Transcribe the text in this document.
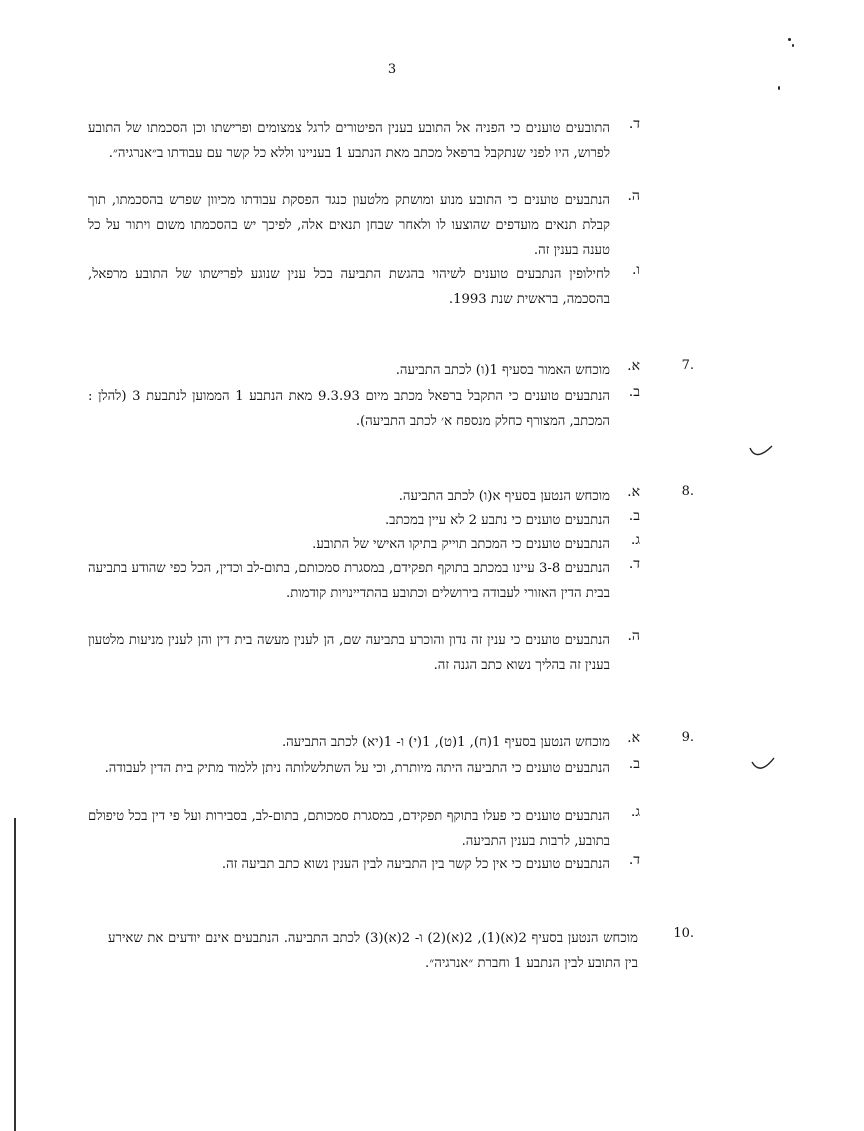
3
ד.
התובעים טוענים כי הפניה אל התובע בענין הפיטורים לרגל צמצומים ופרישתו וכן הסכמתו של התובע לפרוש, היו לפני שנתקבל ברפאל מכתב מאת הנתבע 1 בעניינו וללא כל קשר עם עבודתו ב״אנרגיה״.
ה.
הנתבעים טוענים כי התובע מנוע ומושתק מלטעון כנגד הפסקת עבודתו מכיוון שפרש בהסכמתו, תוך קבלת תנאים מועדפים שהוצעו לו ולאחר שבחן תנאים אלה, לפיכך יש בהסכמתו משום ויתור על כל טענה בענין זה.
ו.
לחילופין הנתבעים טוענים לשיהוי בהגשת התביעה בכל ענין שנוגע לפרישתו של התובע מרפאל, בהסכמה, בראשית שנת 1993.
7.
א.
מוכחש האמור בסעיף 1(ו) לכתב התביעה.
ב.
הנתבעים טוענים כי התקבל ברפאל מכתב מיום 9.3.93 מאת הנתבע 1 הממוען לנתבעת 3 (להלן : המכתב, המצורף כחלק מנספח א׳ לכתב התביעה).
8.
א.
מוכחש הנטען בסעיף א(ו) לכתב התביעה.
ב.
הנתבעים טוענים כי נתבע 2 לא עיין במכתב.
ג.
הנתבעים טוענים כי המכתב תוייק בתיקו האישי של התובע.
ד.
הנתבעים 3-8 עיינו במכתב בתוקף תפקידם, במסגרת סמכותם, בתום-לב וכדין, הכל כפי שהודע בתביעה בבית הדין האזורי לעבודה בירושלים וכתובע בהתדיינויות קודמות.
ה.
הנתבעים טוענים כי ענין זה נדון והוכרע בתביעה שם, הן לענין מעשה בית דין והן לענין מניעות מלטעון בענין זה בהליך נשוא כתב הגנה זה.
9.
א.
מוכחש הנטען בסעיף 1(ח), 1(ט), 1(י) ו- 1(יא) לכתב התביעה.
ב.
הנתבעים טוענים כי התביעה היתה מיותרת, וכי על השתלשלותה ניתן ללמוד מתיק בית הדין לעבודה.
ג.
הנתבעים טוענים כי פעלו בתוקף תפקידם, במסגרת סמכותם, בתום-לב, בסבירות ועל פי דין בכל טיפולם בתובע, לרבות בענין התביעה.
ד.
הנתבעים טוענים כי אין כל קשר בין התביעה לבין הענין נשוא כתב תביעה זה.
10.
מוכחש הנטען בסעיף 2(א)(1), 2(א)(2) ו- 2(א)(3) לכתב התביעה. הנתבעים אינם יודעים את שאירע בין התובע לבין הנתבע 1 וחברת ״אנרגיה״.
